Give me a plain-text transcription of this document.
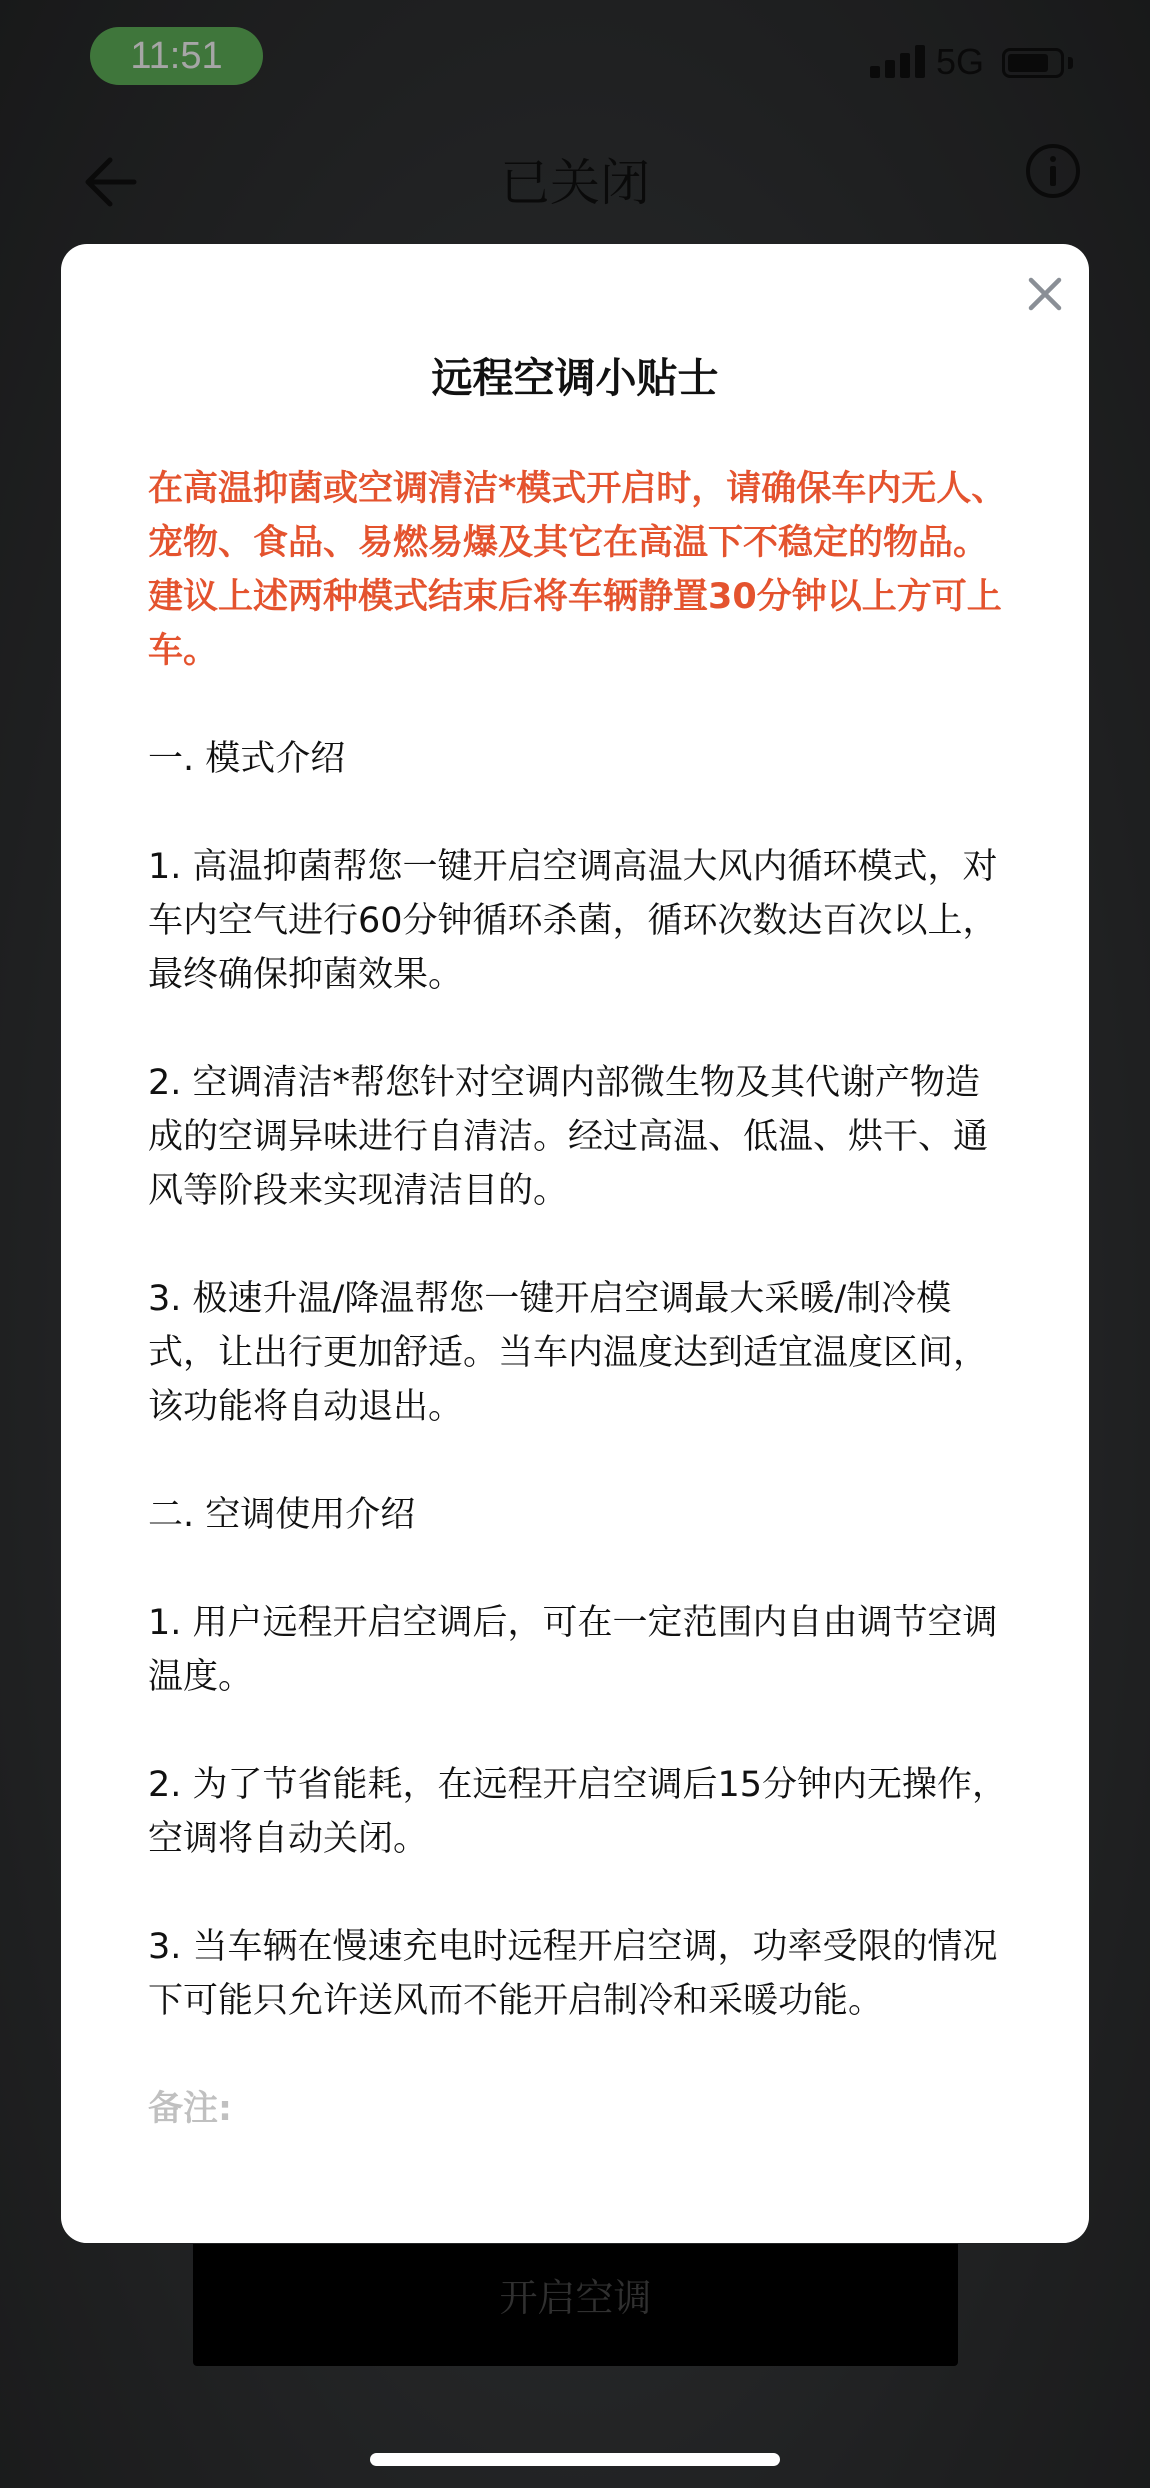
11:51	5G
已关闭
开启空调
远程空调小贴士

在高温抑菌或空调清洁*模式开启时，请确保车内无人、宠物、食品、易燃易爆及其它在高温下不稳定的物品。建议上述两种模式结束后将车辆静置30分钟以上方可上车。

一. 模式介绍

1. 高温抑菌帮您一键开启空调高温大风内循环模式，对车内空气进行60分钟循环杀菌，循环次数达百次以上，最终确保抑菌效果。

2. 空调清洁*帮您针对空调内部微生物及其代谢产物造成的空调异味进行自清洁。经过高温、低温、烘干、通风等阶段来实现清洁目的。

3. 极速升温/降温帮您一键开启空调最大采暖/制冷模式，让出行更加舒适。当车内温度达到适宜温度区间，该功能将自动退出。

二. 空调使用介绍

1. 用户远程开启空调后，可在一定范围内自由调节空调温度。

2. 为了节省能耗，在远程开启空调后15分钟内无操作，空调将自动关闭。

3. 当车辆在慢速充电时远程开启空调，功率受限的情况下可能只允许送风而不能开启制冷和采暖功能。

备注:
